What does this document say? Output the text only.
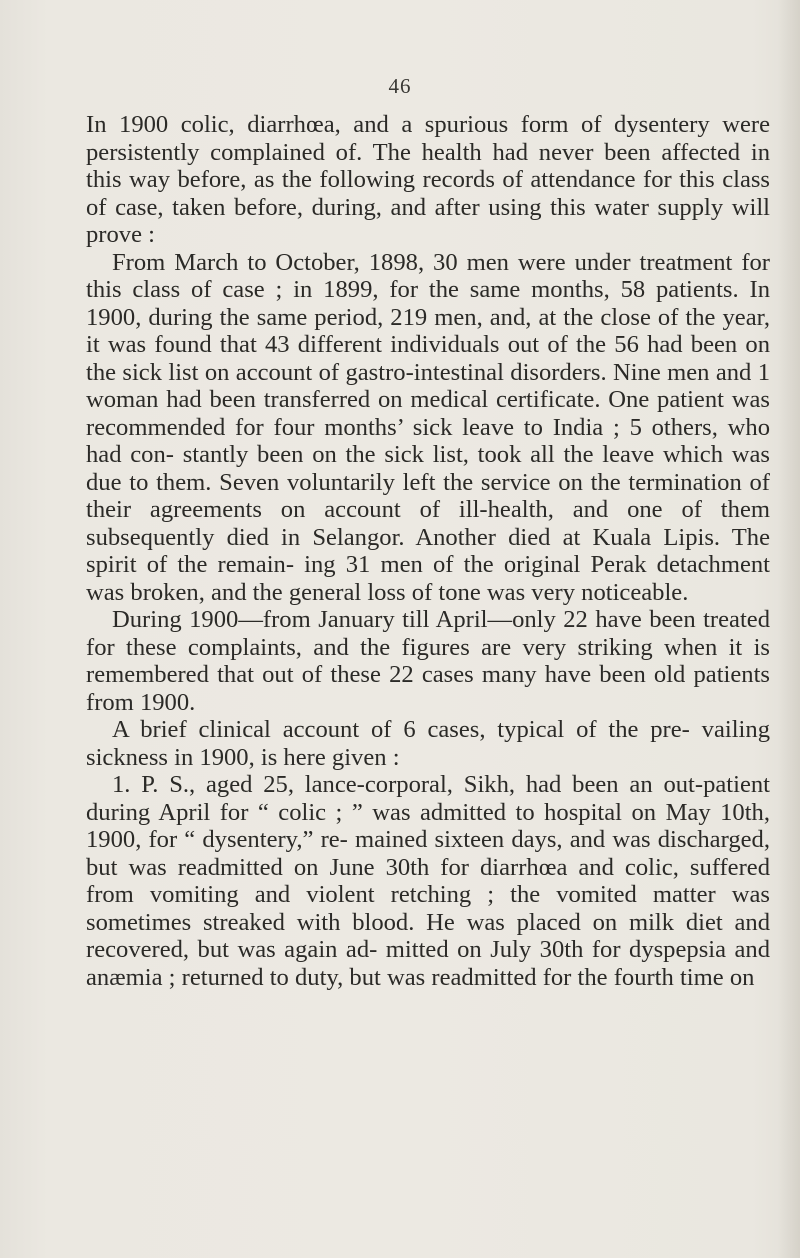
46

In 1900 colic, diarrhœa, and a spurious form of dysentery were persistently complained of. The health had never been affected in this way before, as the following records of attendance for this class of case, taken before, during, and after using this water supply will prove :

From March to October, 1898, 30 men were under treatment for this class of case ; in 1899, for the same months, 58 patients. In 1900, during the same period, 219 men, and, at the close of the year, it was found that 43 different individuals out of the 56 had been on the sick list on account of gastro-intestinal disorders. Nine men and 1 woman had been transferred on medical certificate. One patient was recommended for four months’ sick leave to India ; 5 others, who had con- stantly been on the sick list, took all the leave which was due to them. Seven voluntarily left the service on the termination of their agreements on account of ill-health, and one of them subsequently died in Selangor. Another died at Kuala Lipis. The spirit of the remain- ing 31 men of the original Perak detachment was broken, and the general loss of tone was very noticeable.

During 1900—from January till April—only 22 have been treated for these complaints, and the figures are very striking when it is remembered that out of these 22 cases many have been old patients from 1900.

A brief clinical account of 6 cases, typical of the pre- vailing sickness in 1900, is here given :

1. P. S., aged 25, lance-corporal, Sikh, had been an out-patient during April for “ colic ; ” was admitted to hospital on May 10th, 1900, for “ dysentery,” re- mained sixteen days, and was discharged, but was readmitted on June 30th for diarrhœa and colic, suffered from vomiting and violent retching ; the vomited matter was sometimes streaked with blood. He was placed on milk diet and recovered, but was again ad- mitted on July 30th for dyspepsia and anæmia ; returned to duty, but was readmitted for the fourth time on
